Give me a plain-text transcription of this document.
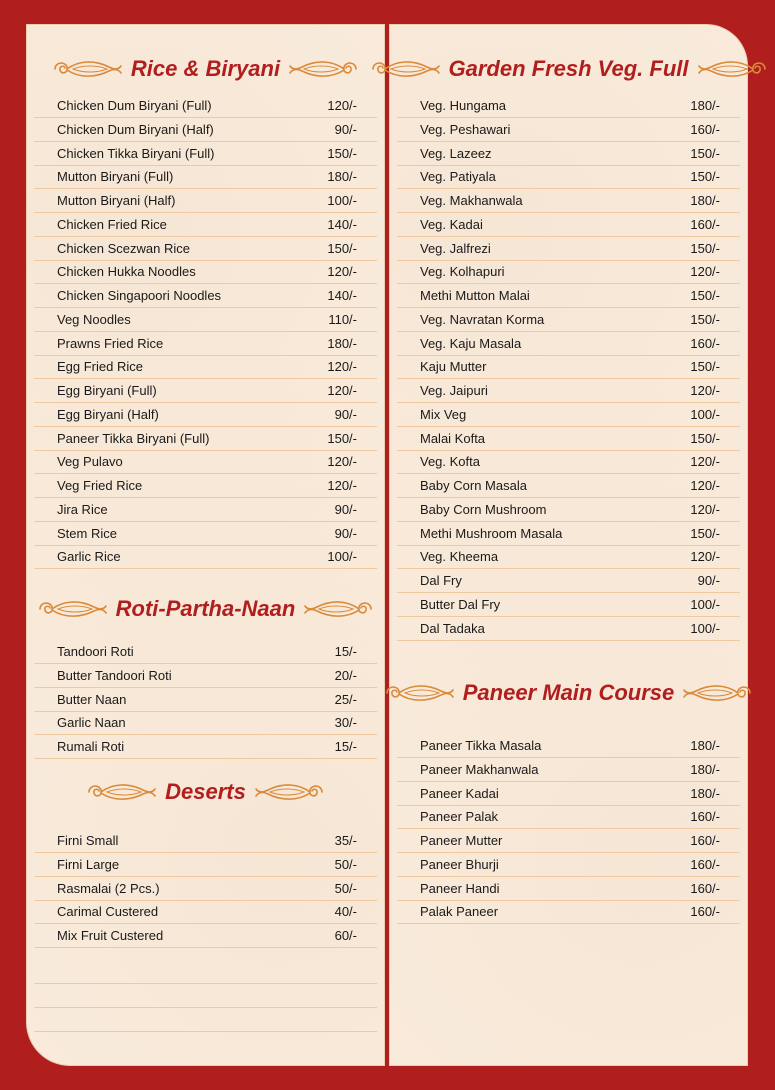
Rice & Biryani
Chicken Dum Biryani (Full)	120/-
Chicken Dum Biryani (Half)	90/-
Chicken Tikka Biryani (Full)	150/-
Mutton Biryani (Full)	180/-
Mutton Biryani (Half)	100/-
Chicken Fried Rice	140/-
Chicken Scezwan Rice	150/-
Chicken Hukka Noodles	120/-
Chicken Singapoori Noodles	140/-
Veg Noodles	110/-
Prawns Fried Rice	180/-
Egg Fried Rice	120/-
Egg Biryani (Full)	120/-
Egg Biryani (Half)	90/-
Paneer Tikka Biryani (Full)	150/-
Veg Pulavo	120/-
Veg Fried Rice	120/-
Jira Rice	90/-
Stem Rice	90/-
Garlic Rice	100/-
Roti-Partha-Naan
Tandoori Roti	15/-
Butter Tandoori Roti	20/-
Butter Naan	25/-
Garlic Naan	30/-
Rumali Roti	15/-
Deserts
Firni Small	35/-
Firni Large	50/-
Rasmalai (2 Pcs.)	50/-
Carimal Custered	40/-
Mix Fruit Custered	60/-
Garden Fresh Veg. Full
Veg. Hungama	180/-
Veg. Peshawari	160/-
Veg. Lazeez	150/-
Veg. Patiyala	150/-
Veg. Makhanwala	180/-
Veg. Kadai	160/-
Veg. Jalfrezi	150/-
Veg. Kolhapuri	120/-
Methi Mutton Malai	150/-
Veg. Navratan Korma	150/-
Veg. Kaju Masala	160/-
Kaju Mutter	150/-
Veg. Jaipuri	120/-
Mix Veg	100/-
Malai Kofta	150/-
Veg. Kofta	120/-
Baby Corn Masala	120/-
Baby Corn Mushroom	120/-
Methi Mushroom Masala	150/-
Veg. Kheema	120/-
Dal Fry	90/-
Butter Dal Fry	100/-
Dal Tadaka	100/-
Paneer Main Course
Paneer Tikka Masala	180/-
Paneer Makhanwala	180/-
Paneer Kadai	180/-
Paneer Palak	160/-
Paneer Mutter	160/-
Paneer Bhurji	160/-
Paneer Handi	160/-
Palak Paneer	160/-
